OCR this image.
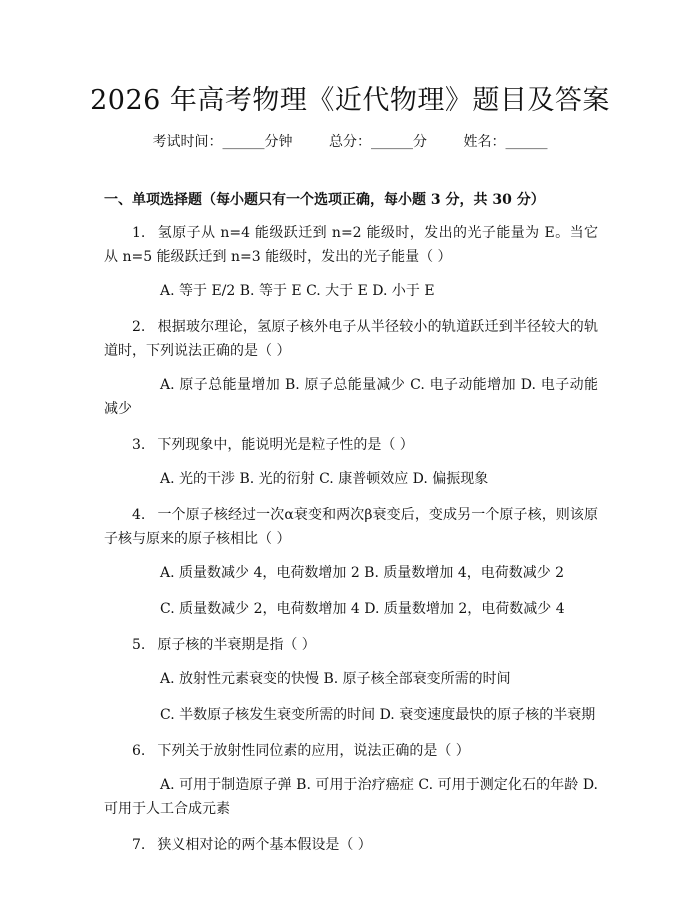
2026 年高考物理《近代物理》题目及答案
考试时间：______分钟	总分：______分	姓名：______
一、单项选择题（每小题只有一个选项正确，每小题 3 分，共 30 分）

1. 氢原子从 n=4 能级跃迁到 n=2 能级时，发出的光子能量为 E。当它从 n=5 能级跃迁到 n=3 能级时，发出的光子能量（ ）

A. 等于 E/2 B. 等于 E C. 大于 E D. 小于 E

2. 根据玻尔理论，氢原子核外电子从半径较小的轨道跃迁到半径较大的轨道时，下列说法正确的是（ ）

A. 原子总能量增加 B. 原子总能量减少 C. 电子动能增加 D. 电子动能减少

3. 下列现象中，能说明光是粒子性的是（ ）

A. 光的干涉 B. 光的衍射 C. 康普顿效应 D. 偏振现象

4. 一个原子核经过一次α衰变和两次β衰变后，变成另一个原子核，则该原子核与原来的原子核相比（ ）

A. 质量数减少 4，电荷数增加 2 B. 质量数增加 4，电荷数减少 2

C. 质量数减少 2，电荷数增加 4 D. 质量数增加 2，电荷数减少 4

5. 原子核的半衰期是指（ ）

A. 放射性元素衰变的快慢 B. 原子核全部衰变所需的时间

C. 半数原子核发生衰变所需的时间 D. 衰变速度最快的原子核的半衰期

6. 下列关于放射性同位素的应用，说法正确的是（ ）

A. 可用于制造原子弹 B. 可用于治疗癌症 C. 可用于测定化石的年龄 D. 可用于人工合成元素

7. 狭义相对论的两个基本假设是（ ）
